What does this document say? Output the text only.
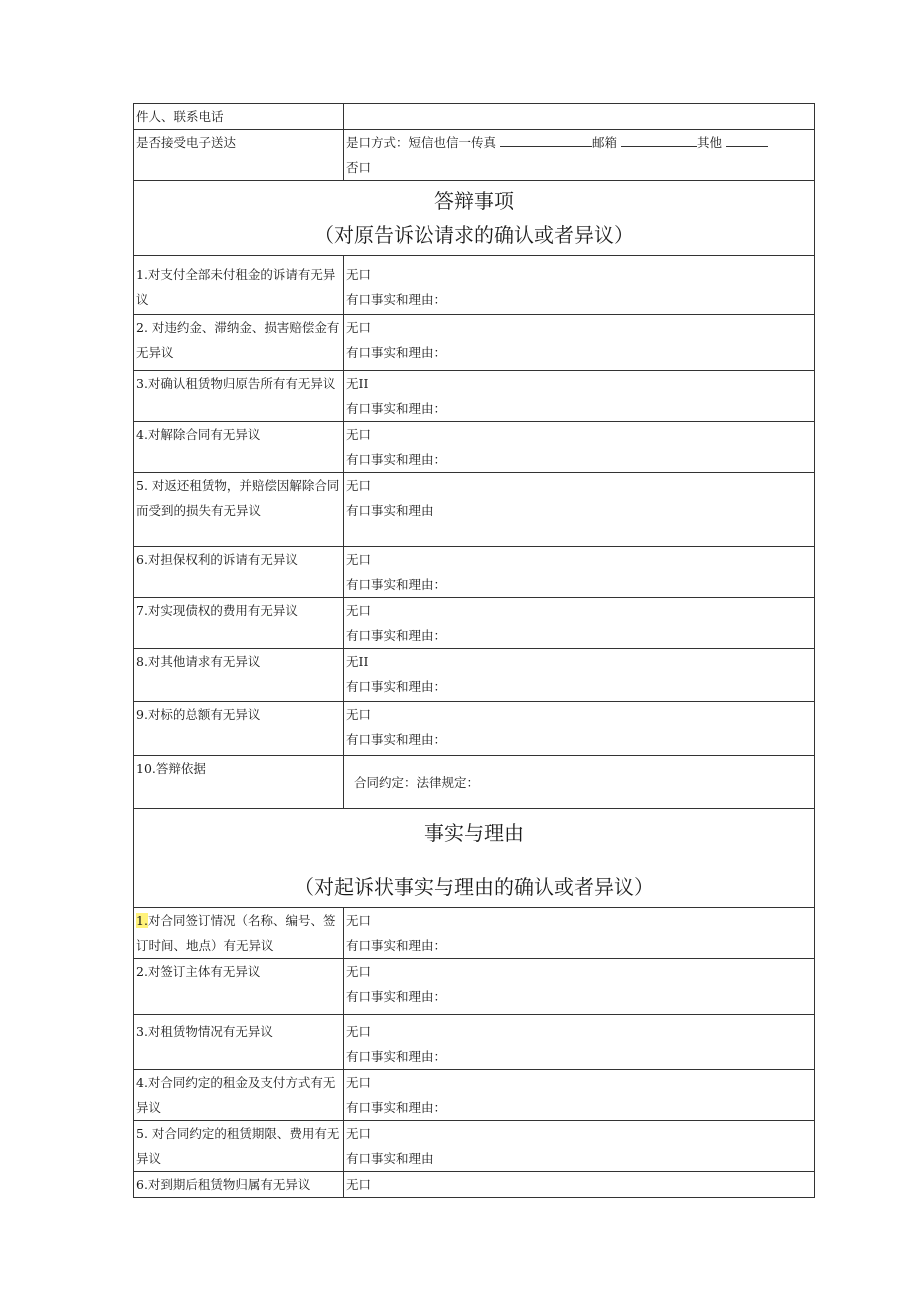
件人、联系电话	
是否接受电子送达	是口方式：短信也信一传真 邮箱 其他
否口

答辩事项
（对原告诉讼请求的确认或者异议）	

1.对支付全部未付租金的诉请有无异议	无口
有口事实和理由：

2. 对违约金、滞纳金、损害赔偿金有无异议	无口
有口事实和理由：

3.对确认租赁物归原告所有有无异议	无II
有口事实和理由：

4.对解除合同有无异议	无口
有口事实和理由：

5. 对返还租赁物，并赔偿因解除合同而受到的损失有无异议	无口
有口事实和理由

6.对担保权利的诉请有无异议	无口
有口事实和理由：

7.对实现债权的费用有无异议	无口
有口事实和理由：

8.对其他请求有无异议	无II
有口事实和理由：

9.对标的总额有无异议	无口
有口事实和理由：

10.答辩依据	合同约定：法律规定：

事实与理由
（对起诉状事实与理由的确认或者异议）	

1.对合同签订情况（名称、编号、签订时间、地点）有无异议	无口
有口事实和理由：

2.对签订主体有无异议	无口
有口事实和理由：

3.对租赁物情况有无异议	无口
有口事实和理由：

4.对合同约定的租金及支付方式有无异议	无口
有口事实和理由：

5. 对合同约定的租赁期限、费用有无异议	无口
有口事实和理由

6.对到期后租赁物归属有无异议	无口
